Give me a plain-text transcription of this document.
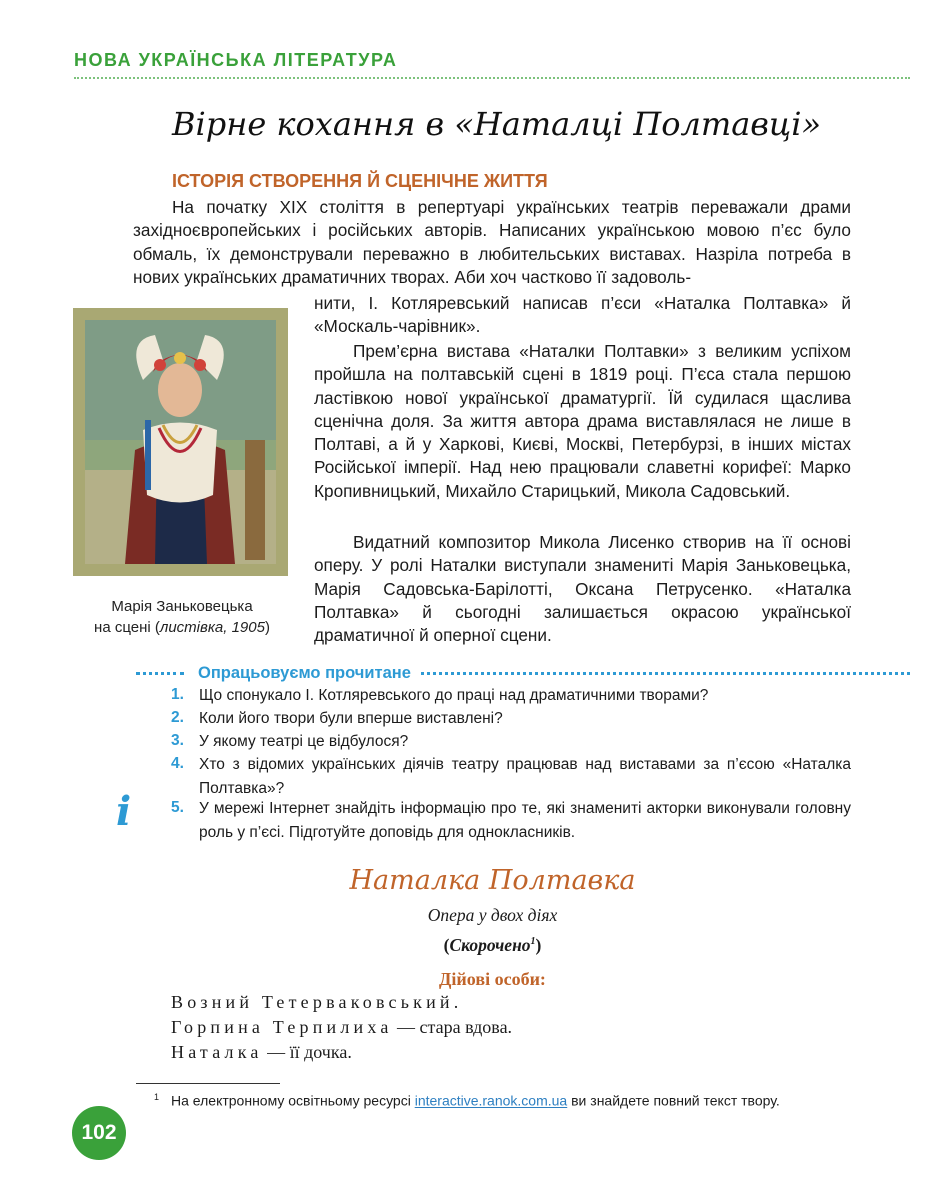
НОВА УКРАЇНСЬКА ЛІТЕРАТУРА
Вірне кохання в «Наталці Полтавці»
ІСТОРІЯ СТВОРЕННЯ Й СЦЕНІЧНЕ ЖИТТЯ
На початку XIX століття в репертуарі українських театрів переважали драми західноєвропейських і російських авторів. Написаних українською мовою п’єс було обмаль, їх демонстрували переважно в любительських виставах. Назріла потреба в нових українських драматичних творах. Аби хоч частково її задоволь-
нити, І. Котляревський написав п’єси «Наталка Полтавка» й «Москаль-чарівник».
Прем’єрна вистава «Наталки Полтавки» з великим успіхом пройшла на полтавській сцені в 1819 році. П’єса стала першою ластівкою нової української драматургії. Їй судилася щаслива сценічна доля. За життя автора драма виставлялася не лише в Полтаві, а й у Харкові, Києві, Москві, Петербурзі, в інших містах Російської імперії. Над нею працювали славетні корифеї: Марко Кропивницький, Михайло Старицький, Микола Садовський.
Видатний композитор Микола Лисенко створив на її основі оперу. У ролі Наталки виступали знамениті Марія Заньковецька, Марія Садовська-Барілотті, Оксана Петрусенко. «Наталка Полтавка» й сьогодні залишається окрасою української драматичної й оперної сцени.
Марія Заньковецька
на сцені (листівка, 1905)
Опрацьовуємо прочитане
1. Що спонукало І. Котляревського до праці над драматичними творами?
2. Коли його твори були вперше виставлені?
3. У якому театрі це відбулося?
4. Хто з відомих українських діячів театру працював над виставами за п’єсою «Наталка Полтавка»?
5. У мережі Інтернет знайдіть інформацію про те, які знамениті акторки виконували головну роль у п’єсі. Підготуйте доповідь для однокласників.
i
Наталка Полтавка
Опера у двох діях
(Скорочено$^1$)
Дійові особи:
Возний Тетерваковський.
Горпина Терпилиха — стара вдова.
Наталка — її дочка.
$^1$ На електронному освітньому ресурсі interactive.ranok.com.ua ви знайдете повний текст твору.
102
